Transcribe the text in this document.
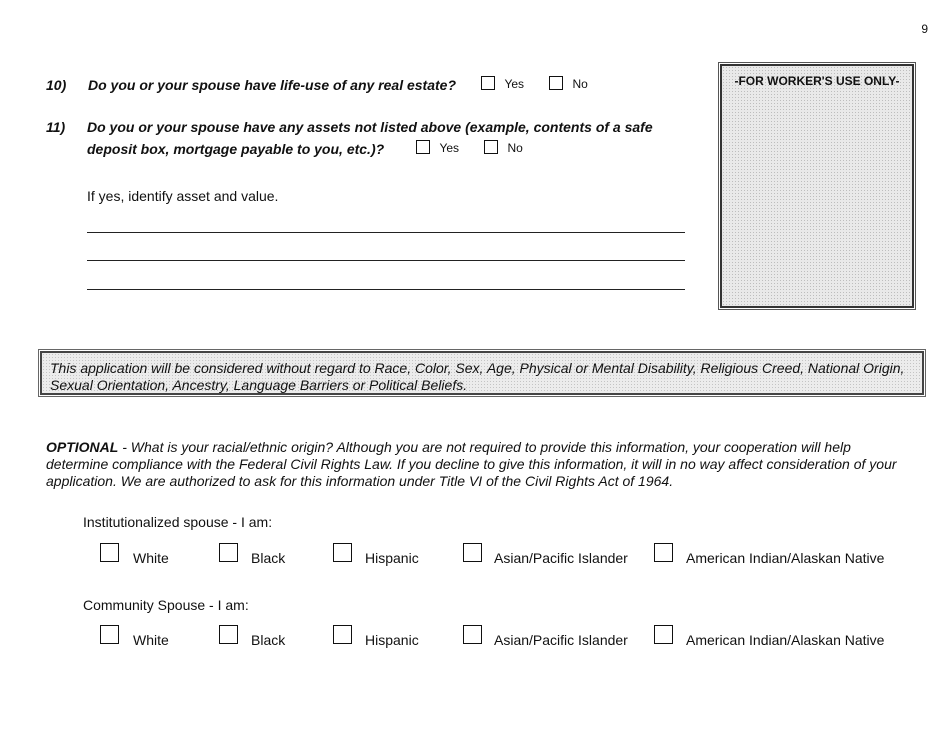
9
10) Do you or your spouse have life-use of any real estate?	Yes	No
11) Do you or your spouse have any assets not listed above (example, contents of a safe
deposit box, mortgage payable to you, etc.)?	Yes	No
If yes, identify asset and value.
-FOR WORKER'S USE ONLY-
This application will be considered without regard to Race, Color, Sex, Age, Physical or Mental Disability, Religious Creed, National Origin, Sexual Orientation, Ancestry, Language Barriers or Political Beliefs.
OPTIONAL - What is your racial/ethnic origin? Although you are not required to provide this information, your cooperation will help determine compliance with the Federal Civil Rights Law. If you decline to give this information, it will in no way affect consideration of your application. We are authorized to ask for this information under Title VI of the Civil Rights Act of 1964.
Institutionalized spouse - I am:
White	Black	Hispanic	Asian/Pacific Islander	American Indian/Alaskan Native
Community Spouse - I am:
White	Black	Hispanic	Asian/Pacific Islander	American Indian/Alaskan Native
